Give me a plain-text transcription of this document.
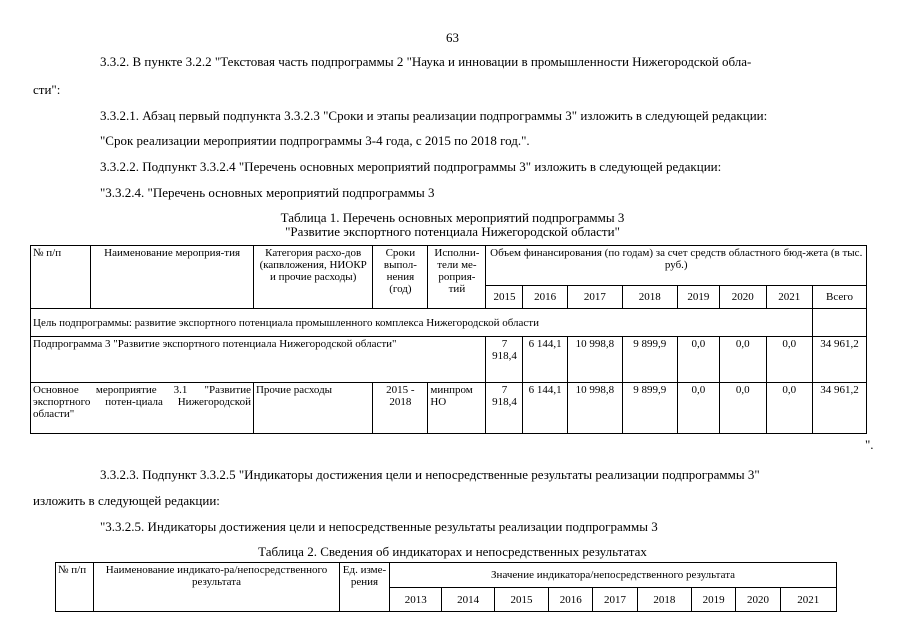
63
3.3.2. В пункте 3.2.2 "Текстовая часть подпрограммы 2 "Наука и инновации в промышленности Нижегородской обла-
сти":
3.3.2.1. Абзац первый подпункта 3.3.2.3 "Сроки и этапы реализации подпрограммы 3" изложить в следующей редакции:
"Срок реализации мероприятии подпрограммы 3-4 года, с 2015 по 2018 год.".
3.3.2.2. Подпункт 3.3.2.4 "Перечень основных мероприятий подпрограммы 3" изложить в следующей редакции:
"3.3.2.4. "Перечень основных мероприятий подпрограммы 3
Таблица 1. Перечень основных мероприятий подпрограммы 3
"Развитие экспортного потенциала Нижегородской области"
№ п/п	Наименование мероприя-тия	Категория расхо-дов (капвложения, НИОКР и прочие расходы)	Сроки выпол-нения (год)	Исполни-тели ме-роприя-тий	Объем финансирования (по годам) за счет средств областного бюд-жета (в тыс. руб.)							
					2015	2016	2017	2018	2019	2020	2021	Всего
Цель подпрограммы: развитие экспортного потенциала промышленного комплекса Нижегородской области												
Подпрограмма 3 "Развитие экспортного потенциала Нижегородской области"					7 918,4	6 144,1	10 998,8	9 899,9	0,0	0,0	0,0	34 961,2
Основное мероприятие 3.1 "Развитие экспортного потен-циала Нижегородской области"		Прочие расходы	2015 - 2018	минпром НО	7 918,4	6 144,1	10 998,8	9 899,9	0,0	0,0	0,0	34 961,2
".
3.3.2.3. Подпункт 3.3.2.5 "Индикаторы достижения цели и непосредственные результаты реализации подпрограммы 3"
изложить в следующей редакции:
"3.3.2.5. Индикаторы достижения цели и непосредственные результаты реализации подпрограммы 3
Таблица 2. Сведения об индикаторах и непосредственных результатах
№ п/п	Наименование индикато-ра/непосредственного результата	Ед. изме-рения	Значение индикатора/непосредственного результата								
			2013	2014	2015	2016	2017	2018	2019	2020	2021
